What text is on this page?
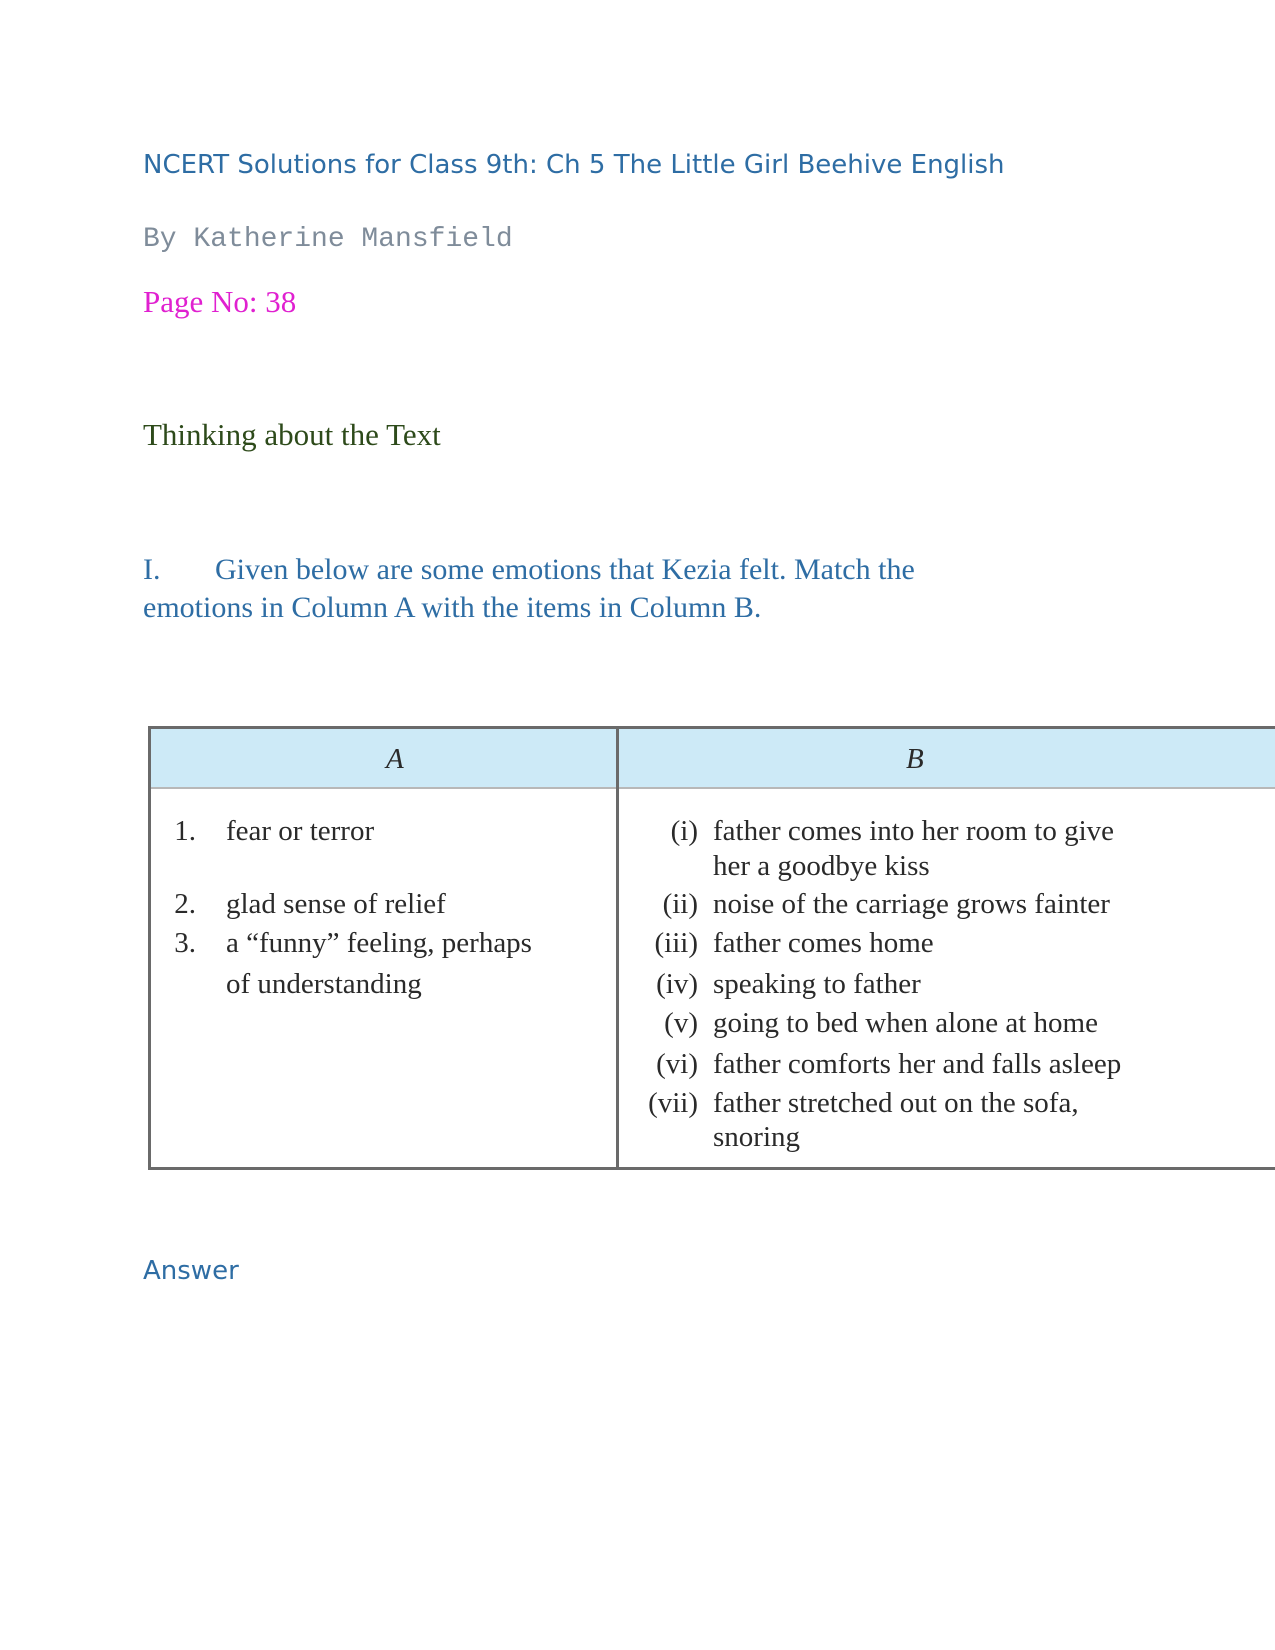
NCERT Solutions for Class 9th: Ch 5 The Little Girl Beehive English
By Katherine Mansfield
Page No: 38
Thinking about the Text
I. Given below are some emotions that Kezia felt. Match the emotions in Column A with the items in Column B.
A	B
1. fear or terror
2. glad sense of relief
3. a “funny” feeling, perhaps
of understanding
(i) father comes into her room to give
her a goodbye kiss
(ii) noise of the carriage grows fainter
(iii) father comes home
(iv) speaking to father
(v) going to bed when alone at home
(vi) father comforts her and falls asleep
(vii) father stretched out on the sofa,
snoring
Answer
